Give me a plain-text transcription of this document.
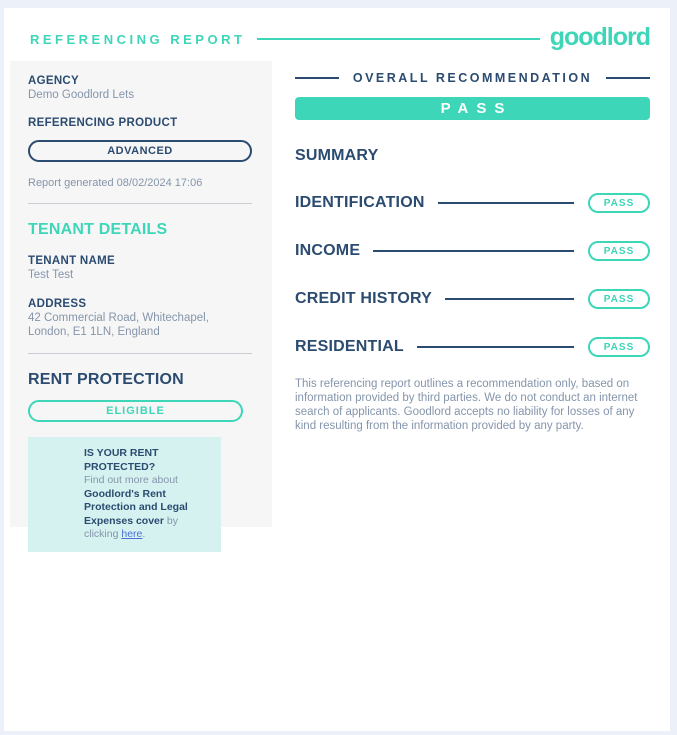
REFERENCING REPORT	goodlord
AGENCY
Demo Goodlord Lets
REFERENCING PRODUCT
ADVANCED
Report generated 08/02/2024 17:06
TENANT DETAILS
TENANT NAME
Test Test
ADDRESS
42 Commercial Road, Whitechapel, London, E1 1LN, England
RENT PROTECTION
ELIGIBLE
IS YOUR RENT PROTECTED?
Find out more about Goodlord's Rent Protection and Legal Expenses cover by clicking here.
OVERALL RECOMMENDATION
PASS
SUMMARY
IDENTIFICATION	PASS
INCOME	PASS
CREDIT HISTORY	PASS
RESIDENTIAL	PASS
This referencing report outlines a recommendation only, based on information provided by third parties. We do not conduct an internet search of applicants. Goodlord accepts no liability for losses of any kind resulting from the information provided by any party.
